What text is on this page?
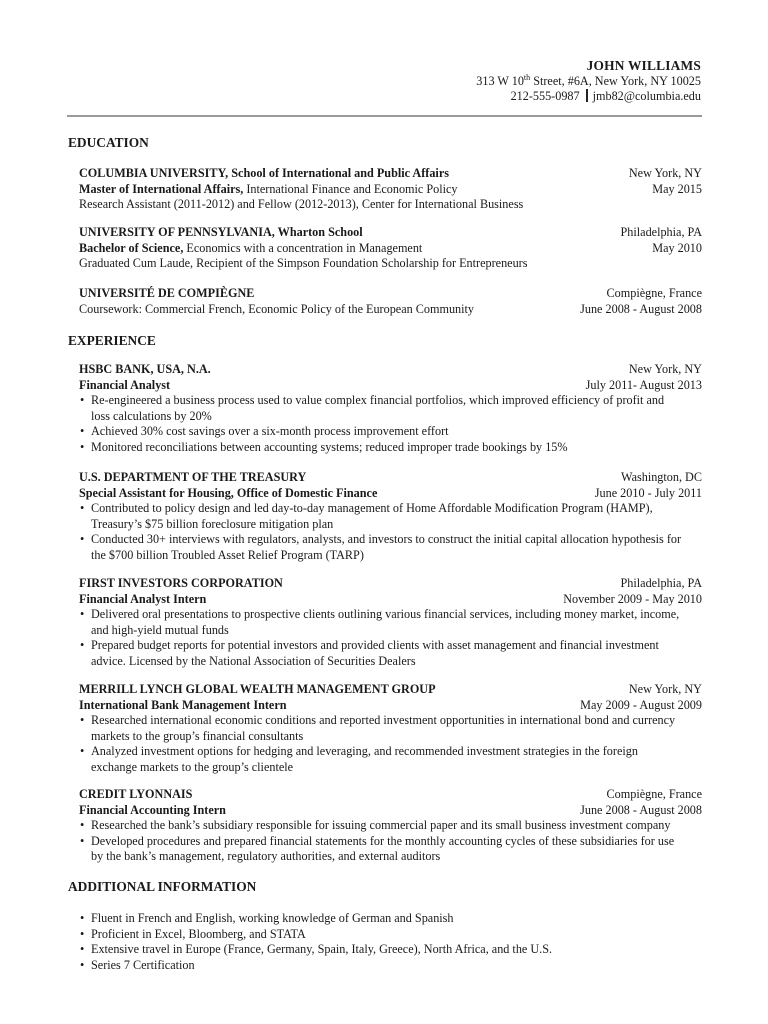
JOHN WILLIAMS
313 W 10th Street, #6A, New York, NY 10025
212-555-0987 jmb82@columbia.edu
EDUCATION
COLUMBIA UNIVERSITY, School of International and Public Affairs	New York, NY
Master of International Affairs, International Finance and Economic Policy	May 2015
Research Assistant (2011-2012) and Fellow (2012-2013), Center for International Business
UNIVERSITY OF PENNSYLVANIA, Wharton School	Philadelphia, PA
Bachelor of Science, Economics with a concentration in Management	May 2010
Graduated Cum Laude, Recipient of the Simpson Foundation Scholarship for Entrepreneurs
UNIVERSITÉ DE COMPIÈGNE	Compiègne, France
Coursework: Commercial French, Economic Policy of the European Community	June 2008 - August 2008
EXPERIENCE
HSBC BANK, USA, N.A.	New York, NY
Financial Analyst	July 2011- August 2013
• Re-engineered a business process used to value complex financial portfolios, which improved efficiency of profit and
loss calculations by 20%
• Achieved 30% cost savings over a six-month process improvement effort
• Monitored reconciliations between accounting systems; reduced improper trade bookings by 15%
U.S. DEPARTMENT OF THE TREASURY	Washington, DC
Special Assistant for Housing, Office of Domestic Finance	June 2010 - July 2011
• Contributed to policy design and led day-to-day management of Home Affordable Modification Program (HAMP),
Treasury’s $75 billion foreclosure mitigation plan
• Conducted 30+ interviews with regulators, analysts, and investors to construct the initial capital allocation hypothesis for
the $700 billion Troubled Asset Relief Program (TARP)
FIRST INVESTORS CORPORATION	Philadelphia, PA
Financial Analyst Intern	November 2009 - May 2010
• Delivered oral presentations to prospective clients outlining various financial services, including money market, income,
and high-yield mutual funds
• Prepared budget reports for potential investors and provided clients with asset management and financial investment
advice. Licensed by the National Association of Securities Dealers
MERRILL LYNCH GLOBAL WEALTH MANAGEMENT GROUP	New York, NY
International Bank Management Intern	May 2009 - August 2009
• Researched international economic conditions and reported investment opportunities in international bond and currency
markets to the group’s financial consultants
• Analyzed investment options for hedging and leveraging, and recommended investment strategies in the foreign
exchange markets to the group’s clientele
CREDIT LYONNAIS	Compiègne, France
Financial Accounting Intern	June 2008 - August 2008
• Researched the bank’s subsidiary responsible for issuing commercial paper and its small business investment company
• Developed procedures and prepared financial statements for the monthly accounting cycles of these subsidiaries for use
by the bank’s management, regulatory authorities, and external auditors
ADDITIONAL INFORMATION
• Fluent in French and English, working knowledge of German and Spanish
• Proficient in Excel, Bloomberg, and STATA
• Extensive travel in Europe (France, Germany, Spain, Italy, Greece), North Africa, and the U.S.
• Series 7 Certification
